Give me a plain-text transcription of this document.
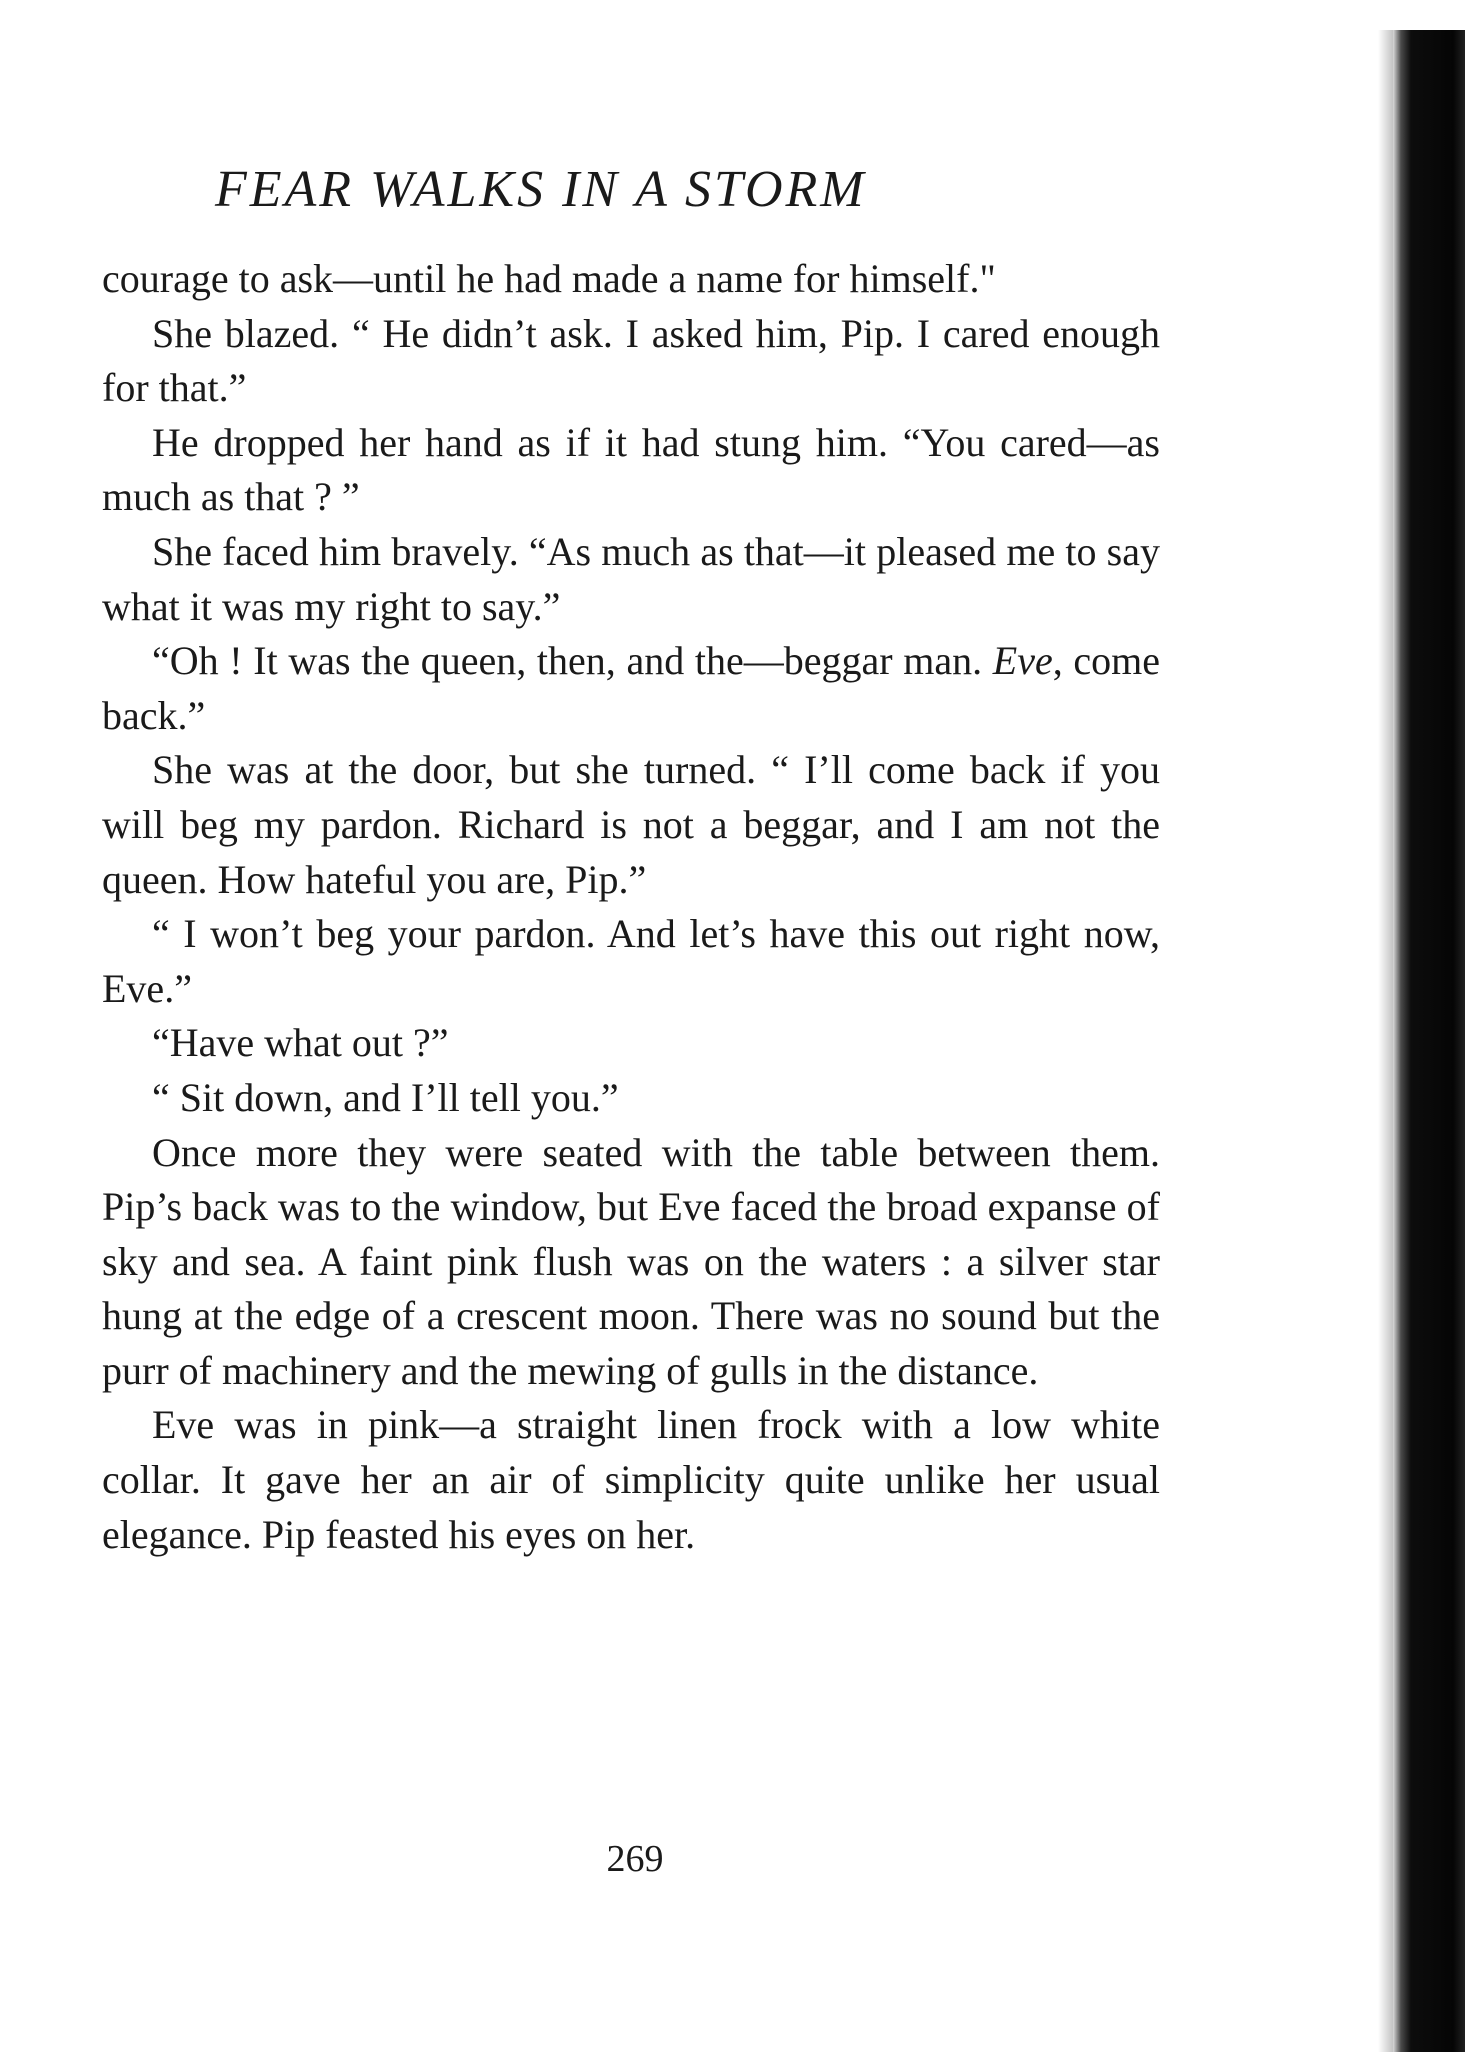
FEAR WALKS IN A STORM

courage to ask—until he had made a name for himself."

She blazed. “ He didn’t ask. I asked him, Pip. I cared enough for that.”

He dropped her hand as if it had stung him. “You cared—as much as that ? ”

She faced him bravely. “As much as that—it pleased me to say what it was my right to say.”

“Oh ! It was the queen, then, and the—beggar man. Eve, come back.”

She was at the door, but she turned. “ I’ll come back if you will beg my pardon. Richard is not a beggar, and I am not the queen. How hateful you are, Pip.”

“ I won’t beg your pardon. And let’s have this out right now, Eve.”

“Have what out ?”

“ Sit down, and I’ll tell you.”

Once more they were seated with the table between them. Pip’s back was to the window, but Eve faced the broad expanse of sky and sea. A faint pink flush was on the waters : a silver star hung at the edge of a crescent moon. There was no sound but the purr of machinery and the mewing of gulls in the distance.

Eve was in pink—a straight linen frock with a low white collar. It gave her an air of simplicity quite unlike her usual elegance. Pip feasted his eyes on her.

269
